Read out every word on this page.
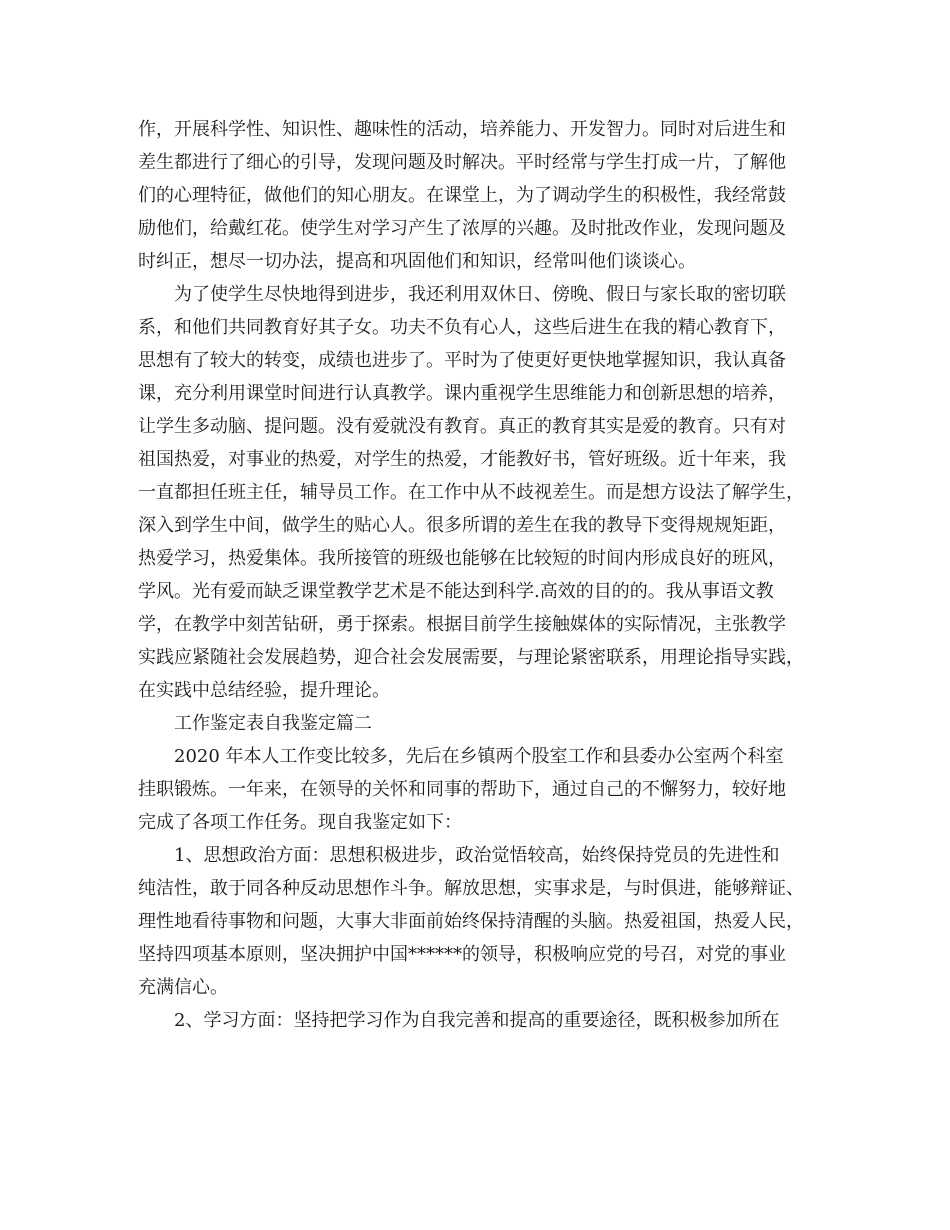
作，开展科学性、知识性、趣味性的活动，培养能力、开发智力。同时对后进生和
差生都进行了细心的引导，发现问题及时解决。平时经常与学生打成一片，了解他
们的心理特征，做他们的知心朋友。在课堂上，为了调动学生的积极性，我经常鼓
励他们，给戴红花。使学生对学习产生了浓厚的兴趣。及时批改作业，发现问题及
时纠正，想尽一切办法，提高和巩固他们和知识，经常叫他们谈谈心。
　　为了使学生尽快地得到进步，我还利用双休日、傍晚、假日与家长取的密切联
系，和他们共同教育好其子女。功夫不负有心人，这些后进生在我的精心教育下，
思想有了较大的转变，成绩也进步了。平时为了使更好更快地掌握知识，我认真备
课，充分利用课堂时间进行认真教学。课内重视学生思维能力和创新思想的培养，
让学生多动脑、提问题。没有爱就没有教育。真正的教育其实是爱的教育。只有对
祖国热爱，对事业的热爱，对学生的热爱，才能教好书，管好班级。近十年来，我
一直都担任班主任，辅导员工作。在工作中从不歧视差生。而是想方设法了解学生，
深入到学生中间，做学生的贴心人。很多所谓的差生在我的教导下变得规规矩距，
热爱学习，热爱集体。我所接管的班级也能够在比较短的时间内形成良好的班风，
学风。光有爱而缺乏课堂教学艺术是不能达到科学.高效的目的的。我从事语文教
学，在教学中刻苦钻研，勇于探索。根据目前学生接触媒体的实际情况，主张教学
实践应紧随社会发展趋势，迎合社会发展需要，与理论紧密联系，用理论指导实践，
在实践中总结经验，提升理论。
　　工作鉴定表自我鉴定篇二
　　2020 年本人工作变比较多，先后在乡镇两个股室工作和县委办公室两个科室
挂职锻炼。一年来，在领导的关怀和同事的帮助下，通过自己的不懈努力，较好地
完成了各项工作任务。现自我鉴定如下：
　　1、思想政治方面：思想积极进步，政治觉悟较高，始终保持党员的先进性和
纯洁性，敢于同各种反动思想作斗争。解放思想，实事求是，与时俱进，能够辩证、
理性地看待事物和问题，大事大非面前始终保持清醒的头脑。热爱祖国，热爱人民，
坚持四项基本原则，坚决拥护中国******的领导，积极响应党的号召，对党的事业
充满信心。
　　2、学习方面：坚持把学习作为自我完善和提高的重要途径，既积极参加所在
